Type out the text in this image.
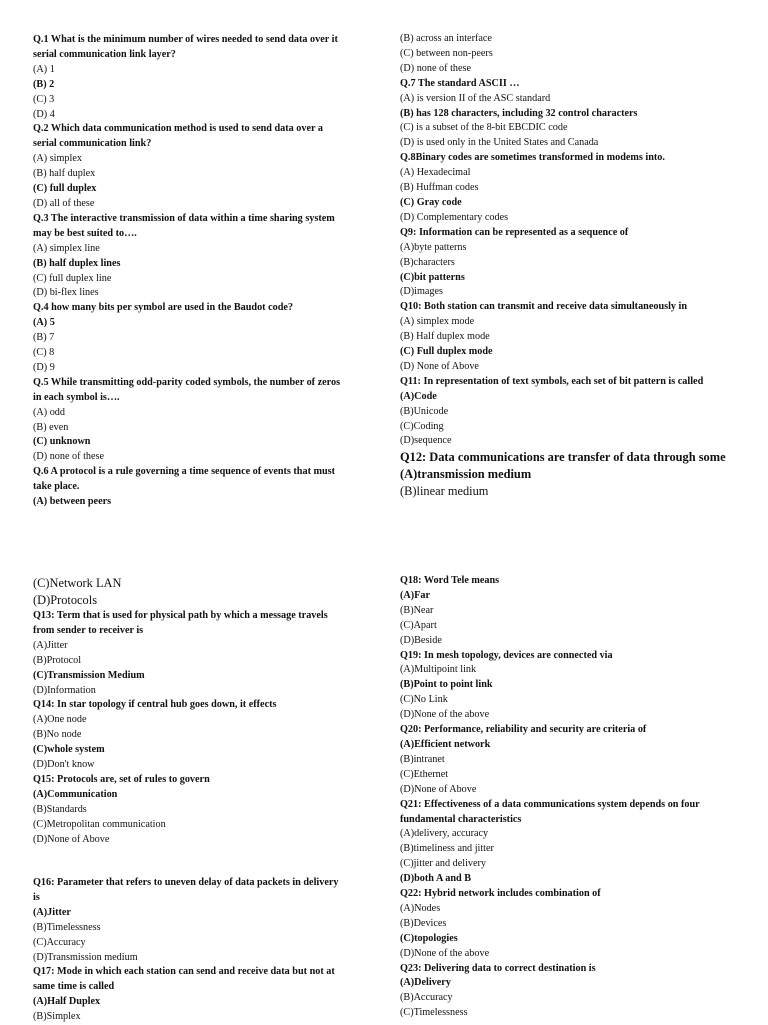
Q.1 What is the minimum number of wires needed to send data over it
serial communication link layer?
(A) 1
(B) 2
(C) 3
(D) 4
Q.2 Which data communication method is used to send data over a
serial communication link?
(A) simplex
(B) half duplex
(C) full duplex
(D) all of these
Q.3 The interactive transmission of data within a time sharing system
may be best suited to….
(A) simplex line
(B) half duplex lines
(C) full duplex line
(D) bi-flex lines
Q.4 how many bits per symbol are used in the Baudot code?
(A) 5
(B) 7
(C) 8
(D) 9
Q.5 While transmitting odd-parity coded symbols, the number of zeros
in each symbol is….
(A) odd
(B) even
(C) unknown
(D) none of these
Q.6 A protocol is a rule governing a time sequence of events that must
take place.
(A) between peers
(B) across an interface
(C) between non-peers
(D) none of these
Q.7 The standard ASCII …
(A) is version II of the ASC standard
(B) has 128 characters, including 32 control characters
(C) is a subset of the 8-bit EBCDIC code
(D) is used only in the United States and Canada
Q.8Binary codes are sometimes transformed in modems into.
(A) Hexadecimal
(B) Huffman codes
(C) Gray code
(D) Complementary codes
Q9: Information can be represented as a sequence of
(A)byte patterns
(B)characters
(C)bit patterns
(D)images
Q10: Both station can transmit and receive data simultaneously in
(A) simplex mode
(B) Half duplex mode
(C) Full duplex mode
(D) None of Above
Q11: In representation of text symbols, each set of bit pattern is called
(A)Code
(B)Unicode
(C)Coding
(D)sequence
Q12: Data communications are transfer of data through some
(A)transmission medium
(B)linear medium
(C)Network LAN
(D)Protocols
Q13: Term that is used for physical path by which a message travels
from sender to receiver is
(A)Jitter
(B)Protocol
(C)Transmission Medium
(D)Information
Q14: In star topology if central hub goes down, it effects
(A)One node
(B)No node
(C)whole system
(D)Don't know
Q15: Protocols are, set of rules to govern
(A)Communication
(B)Standards
(C)Metropolitan communication
(D)None of Above
Q16: Parameter that refers to uneven delay of data packets in delivery
is
(A)Jitter
(B)Timelessness
(C)Accuracy
(D)Transmission medium
Q17: Mode in which each station can send and receive data but not at
same time is called
(A)Half Duplex
(B)Simplex
Q18: Word Tele means
(A)Far
(B)Near
(C)Apart
(D)Beside
Q19: In mesh topology, devices are connected via
(A)Multipoint link
(B)Point to point link
(C)No Link
(D)None of the above
Q20: Performance, reliability and security are criteria of
(A)Efficient network
(B)intranet
(C)Ethernet
(D)None of Above
Q21: Effectiveness of a data communications system depends on four
fundamental characteristics
(A)delivery, accuracy
(B)timeliness and jitter
(C)jitter and delivery
(D)both A and B
Q22: Hybrid network includes combination of
(A)Nodes
(B)Devices
(C)topologies
(D)None of the above
Q23: Delivering data to correct destination is
(A)Delivery
(B)Accuracy
(C)Timelessness
